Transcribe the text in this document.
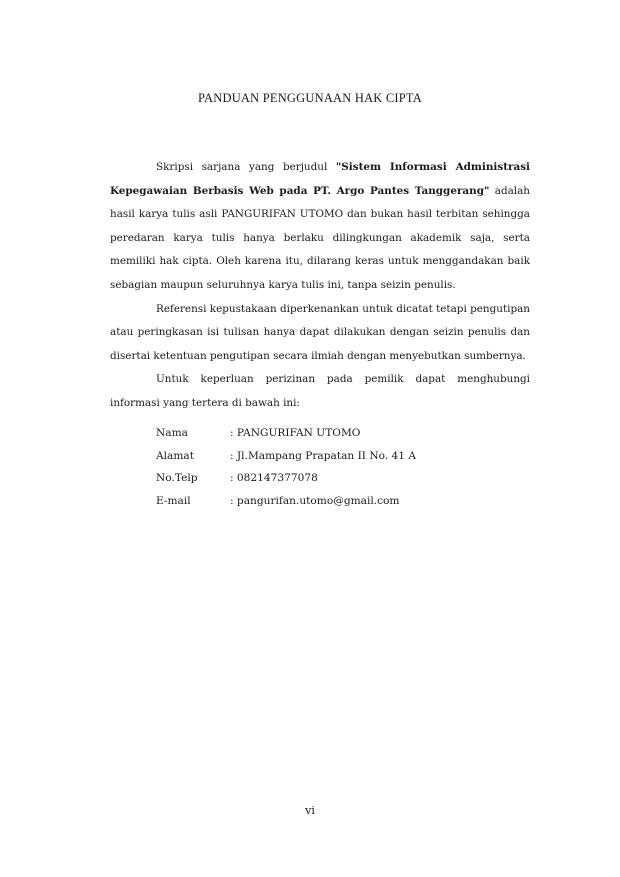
PANDUAN PENGGUNAAN HAK CIPTA

Skripsi sarjana yang berjudul "Sistem Informasi Administrasi Kepegawaian Berbasis Web pada PT. Argo Pantes Tanggerang" adalah hasil karya tulis asli PANGURIFAN UTOMO dan bukan hasil terbitan sehingga peredaran karya tulis hanya berlaku dilingkungan akademik saja, serta memiliki hak cipta. Oleh karena itu, dilarang keras untuk menggandakan baik sebagian maupun seluruhnya karya tulis ini, tanpa seizin penulis.

Referensi kepustakaan diperkenankan untuk dicatat tetapi pengutipan atau peringkasan isi tulisan hanya dapat dilakukan dengan seizin penulis dan disertai ketentuan pengutipan secara ilmiah dengan menyebutkan sumbernya.

Untuk keperluan perizinan pada pemilik dapat menghubungi informasi yang tertera di bawah ini:

Nama	: PANGURIFAN UTOMO
Alamat	: Jl.Mampang Prapatan II No. 41 A
No.Telp	: 082147377078
E-mail	: pangurifan.utomo@gmail.com
vi
